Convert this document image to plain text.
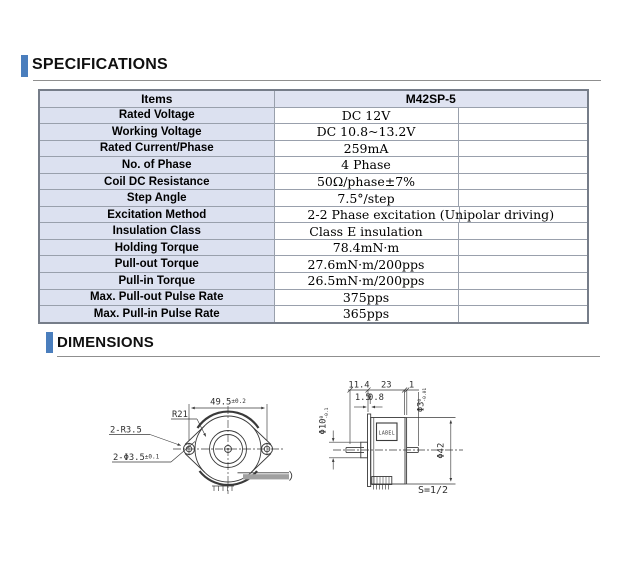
SPECIFICATIONS
Items	M42SP-5	
Rated Voltage	DC 12V	
Working Voltage	DC 10.8~13.2V	
Rated Current/Phase	259mA	
No. of Phase	4 Phase	
Coil DC Resistance	50Ω/phase±7%	
Step Angle	7.5°/step	
Excitation Method	2-2 Phase excitation (Unipolar driving)	
Insulation Class	Class E insulation	
Holding Torque	78.4mN·m	
Pull-out Torque	27.6mN·m/200pps	
Pull-in Torque	26.5mN·m/200pps	
Max. Pull-out Pulse Rate	375pps	
Max. Pull-in Pulse Rate	365pps	
DIMENSIONS
49.5±0.2
R21
2-R3.5
2-Φ3.5±0.1
LABEL
11.4 23 1
1.5
0.8
$\Phi 3^0-0.01$
$\Phi 10^0-0.1$
Φ42
S=1/2
